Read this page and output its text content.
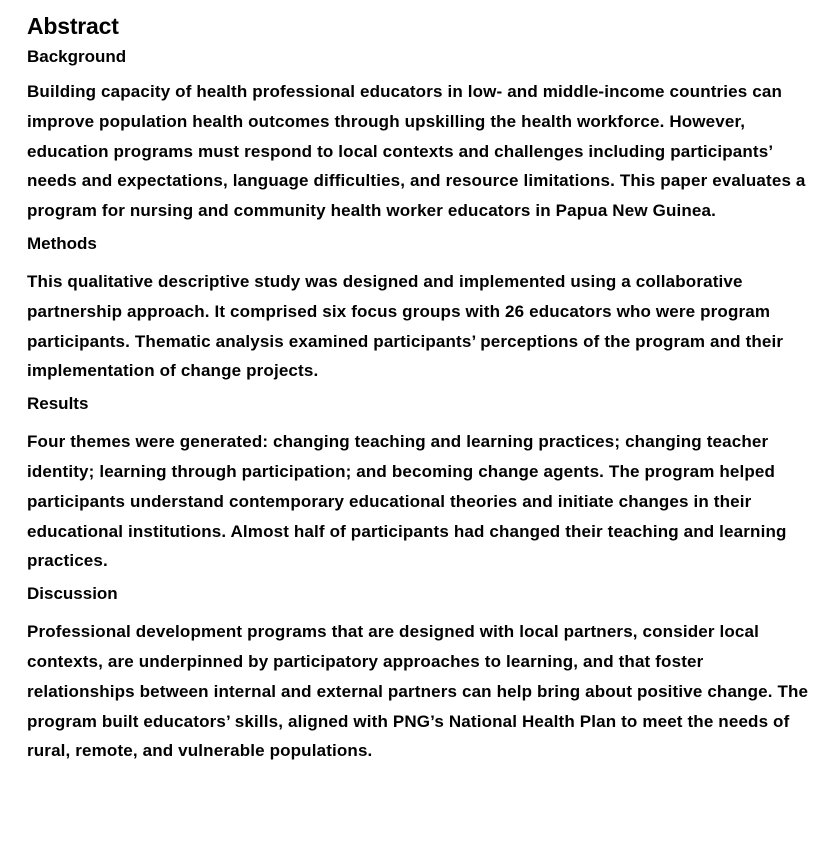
Abstract
Background

Building capacity of health professional educators in low- and middle-income countries can improve population health outcomes through upskilling the health workforce. However, education programs must respond to local contexts and challenges including participants’ needs and expectations, language difficulties, and resource limitations. This paper evaluates a program for nursing and community health worker educators in Papua New Guinea.

Methods

This qualitative descriptive study was designed and implemented using a collaborative partnership approach. It comprised six focus groups with 26 educators who were program participants. Thematic analysis examined participants’ perceptions of the program and their implementation of change projects.

Results

Four themes were generated: changing teaching and learning practices; changing teacher identity; learning through participation; and becoming change agents. The program helped participants understand contemporary educational theories and initiate changes in their educational institutions. Almost half of participants had changed their teaching and learning practices.

Discussion

Professional development programs that are designed with local partners, consider local contexts, are underpinned by participatory approaches to learning, and that foster relationships between internal and external partners can help bring about positive change. The program built educators’ skills, aligned with PNG’s National Health Plan to meet the needs of rural, remote, and vulnerable populations.
